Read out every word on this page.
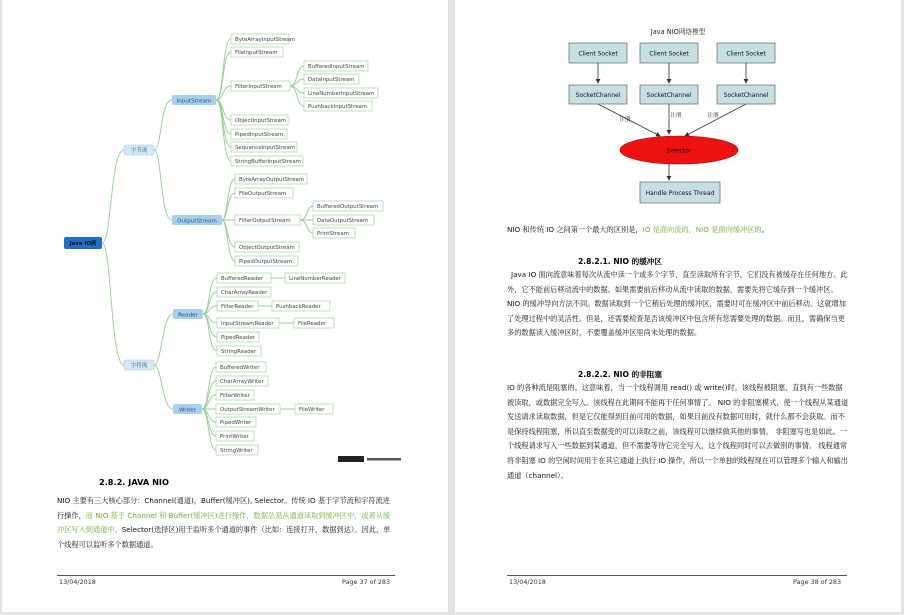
Java IO流
字节流
InputStream
ByteArrayInputStream
FileInputStream
FilterInputStream
ObjectInputStream
PipedInputStream,
SequenceInputStream
StringBufferInputStream
BufferedInputStream
DataInputStream
LineNumberInputStream
PushbackInputStream
OutputStream
ByteArrayOutputStream
FileOutputStream
FilterOutputStream
ObjectOutputStream
PipedOutputStream
BufferedOutputStream
DataOutputStream
PrintStream
字符流
Reader
BufferedReader
CharArrayReader
FilterReader
InputStreamReader
PipedReader
StringReader
LineNumberReader
PushbackReader
FileReader
Writer
BufferedWriter
CharArrayWriter
FilterWriter
OutputStreamWriter
PipedWriter
PrintWriter
StringWriter
FileWriter
2.8.2. JAVA NIO
NIO 主要有三大核心部分：Channel(通道)，Buffer(缓冲区), Selector。传统 IO 基于字节流和字符流进行操作，而 NIO 基于 Channel 和 Buffer(缓冲区)进行操作，数据总是从通道读取到缓冲区中，或者从缓冲区写入到通道中。Selector(选择区)用于监听多个通道的事件（比如：连接打开，数据到达）。因此，单个线程可以监听多个数据通道。
13/04/2018	Page 37 of 283
Java NIO网络模型
Client Socket	Client Socket	Client Socket
SocketChannel	SocketChannel	SocketChannel
注册
注册	注册
Selector
Handle Process Thread
NIO 和传统 IO 之间第一个最大的区别是，IO 是面向流的，NIO 是面向缓冲区的。
2.8.2.1. NIO 的缓冲区
Java IO 面向流意味着每次从流中读一个或多个字节，直至读取所有字节，它们没有被缓存在任何地方。此外，它不能前后移动流中的数据。如果需要前后移动从流中读取的数据，需要先将它缓存到一个缓冲区。NIO 的缓冲导向方法不同。数据读取到一个它稍后处理的缓冲区，需要时可在缓冲区中前后移动。这就增加了处理过程中的灵活性。但是，还需要检查是否该缓冲区中包含所有您需要处理的数据。而且，需确保当更多的数据读入缓冲区时，不要覆盖缓冲区里尚未处理的数据。
2.8.2.2. NIO 的非阻塞
IO 的各种流是阻塞的。这意味着，当一个线程调用 read() 或 write()时，该线程被阻塞，直到有一些数据被读取，或数据完全写入。该线程在此期间不能再干任何事情了。 NIO 的非阻塞模式，使一个线程从某通道发送请求读取数据，但是它仅能得到目前可用的数据，如果目前没有数据可用时，就什么都不会获取。而不是保持线程阻塞，所以直至数据变的可以读取之前，该线程可以继续做其他的事情。 非阻塞写也是如此。一个线程请求写入一些数据到某通道，但不需要等待它完全写入，这个线程同时可以去做别的事情。 线程通常将非阻塞 IO 的空闲时间用于在其它通道上执行 IO 操作，所以一个单独的线程现在可以管理多个输入和输出通道（channel）。
13/04/2018	Page 38 of 283
